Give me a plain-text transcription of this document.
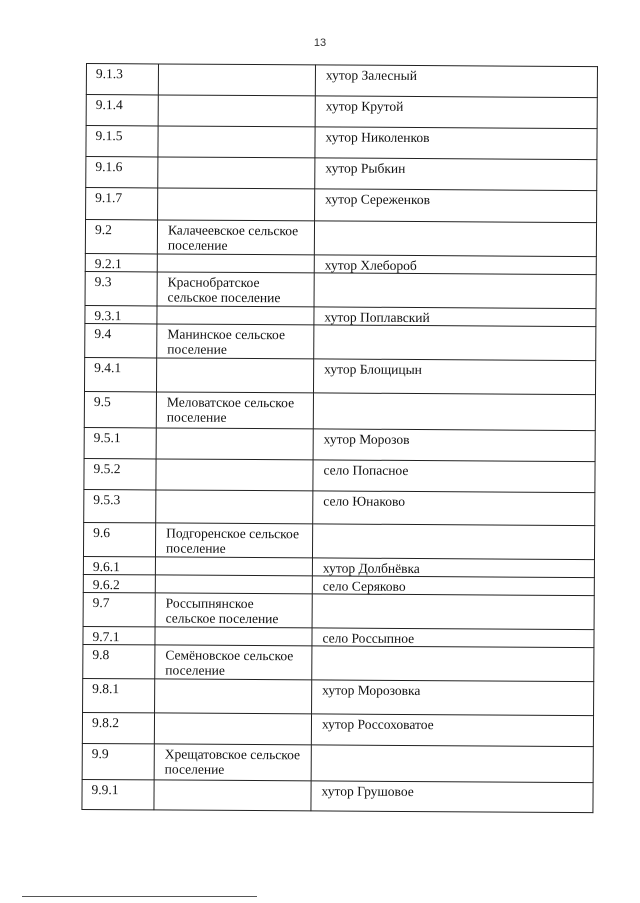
13
9.1.3		хутор Залесный
9.1.4		хутор Крутой
9.1.5		хутор Николенков
9.1.6		хутор Рыбкин
9.1.7		хутор Сереженков
9.2	Калачеевское сельское поселение	
9.2.1		хутор Хлебороб
9.3	Краснобратское сельское поселение	
9.3.1		хутор Поплавский
9.4	Манинское сельское поселение	
9.4.1		хутор Блощицын
9.5	Меловатское сельское поселение	
9.5.1		хутор Морозов
9.5.2		село Попасное
9.5.3		село Юнаково
9.6	Подгоренское сельское поселение	
9.6.1		хутор Долбнёвка
9.6.2		село Серяково
9.7	Россыпнянское сельское поселение	
9.7.1		село Россыпное
9.8	Семёновское сельское поселение	
9.8.1		хутор Морозовка
9.8.2		хутор Россоховатое
9.9	Хрещатовское сельское поселение	
9.9.1		хутор Грушовое
